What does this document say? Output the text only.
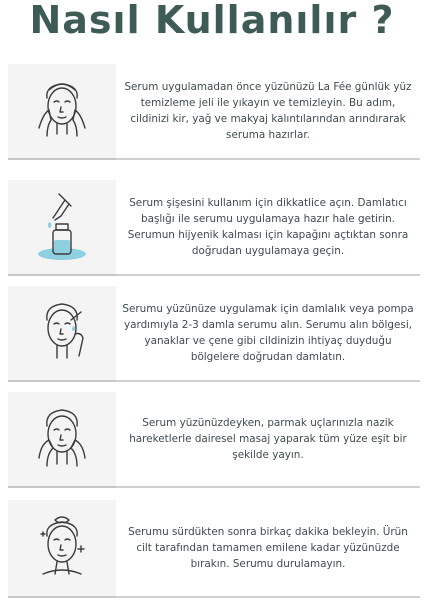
Nasıl Kullanılır ?

Serum uygulamadan önce yüzünüzü La Fée günlük yüz temizleme jeli ile yıkayın ve temizleyin. Bu adım, cildinizi kir, yağ ve makyaj kalıntılarından arındırarak seruma hazırlar.

Serum şişesini kullanım için dikkatlice açın. Damlatıcı başlığı ile serumu uygulamaya hazır hale getirin. Serumun hijyenik kalması için kapağını açtıktan sonra doğrudan uygulamaya geçin.

Serumu yüzünüze uygulamak için damlalık veya pompa yardımıyla 2-3 damla serumu alın. Serumu alın bölgesi, yanaklar ve çene gibi cildinizin ihtiyaç duyduğu bölgelere doğrudan damlatın.

Serum yüzünüzdeyken, parmak uçlarınızla nazik hareketlerle dairesel masaj yaparak tüm yüze eşit bir şekilde yayın.

Serumu sürdükten sonra birkaç dakika bekleyin. Ürün cilt tarafından tamamen emilene kadar yüzünüzde bırakın. Serumu durulamayın.
